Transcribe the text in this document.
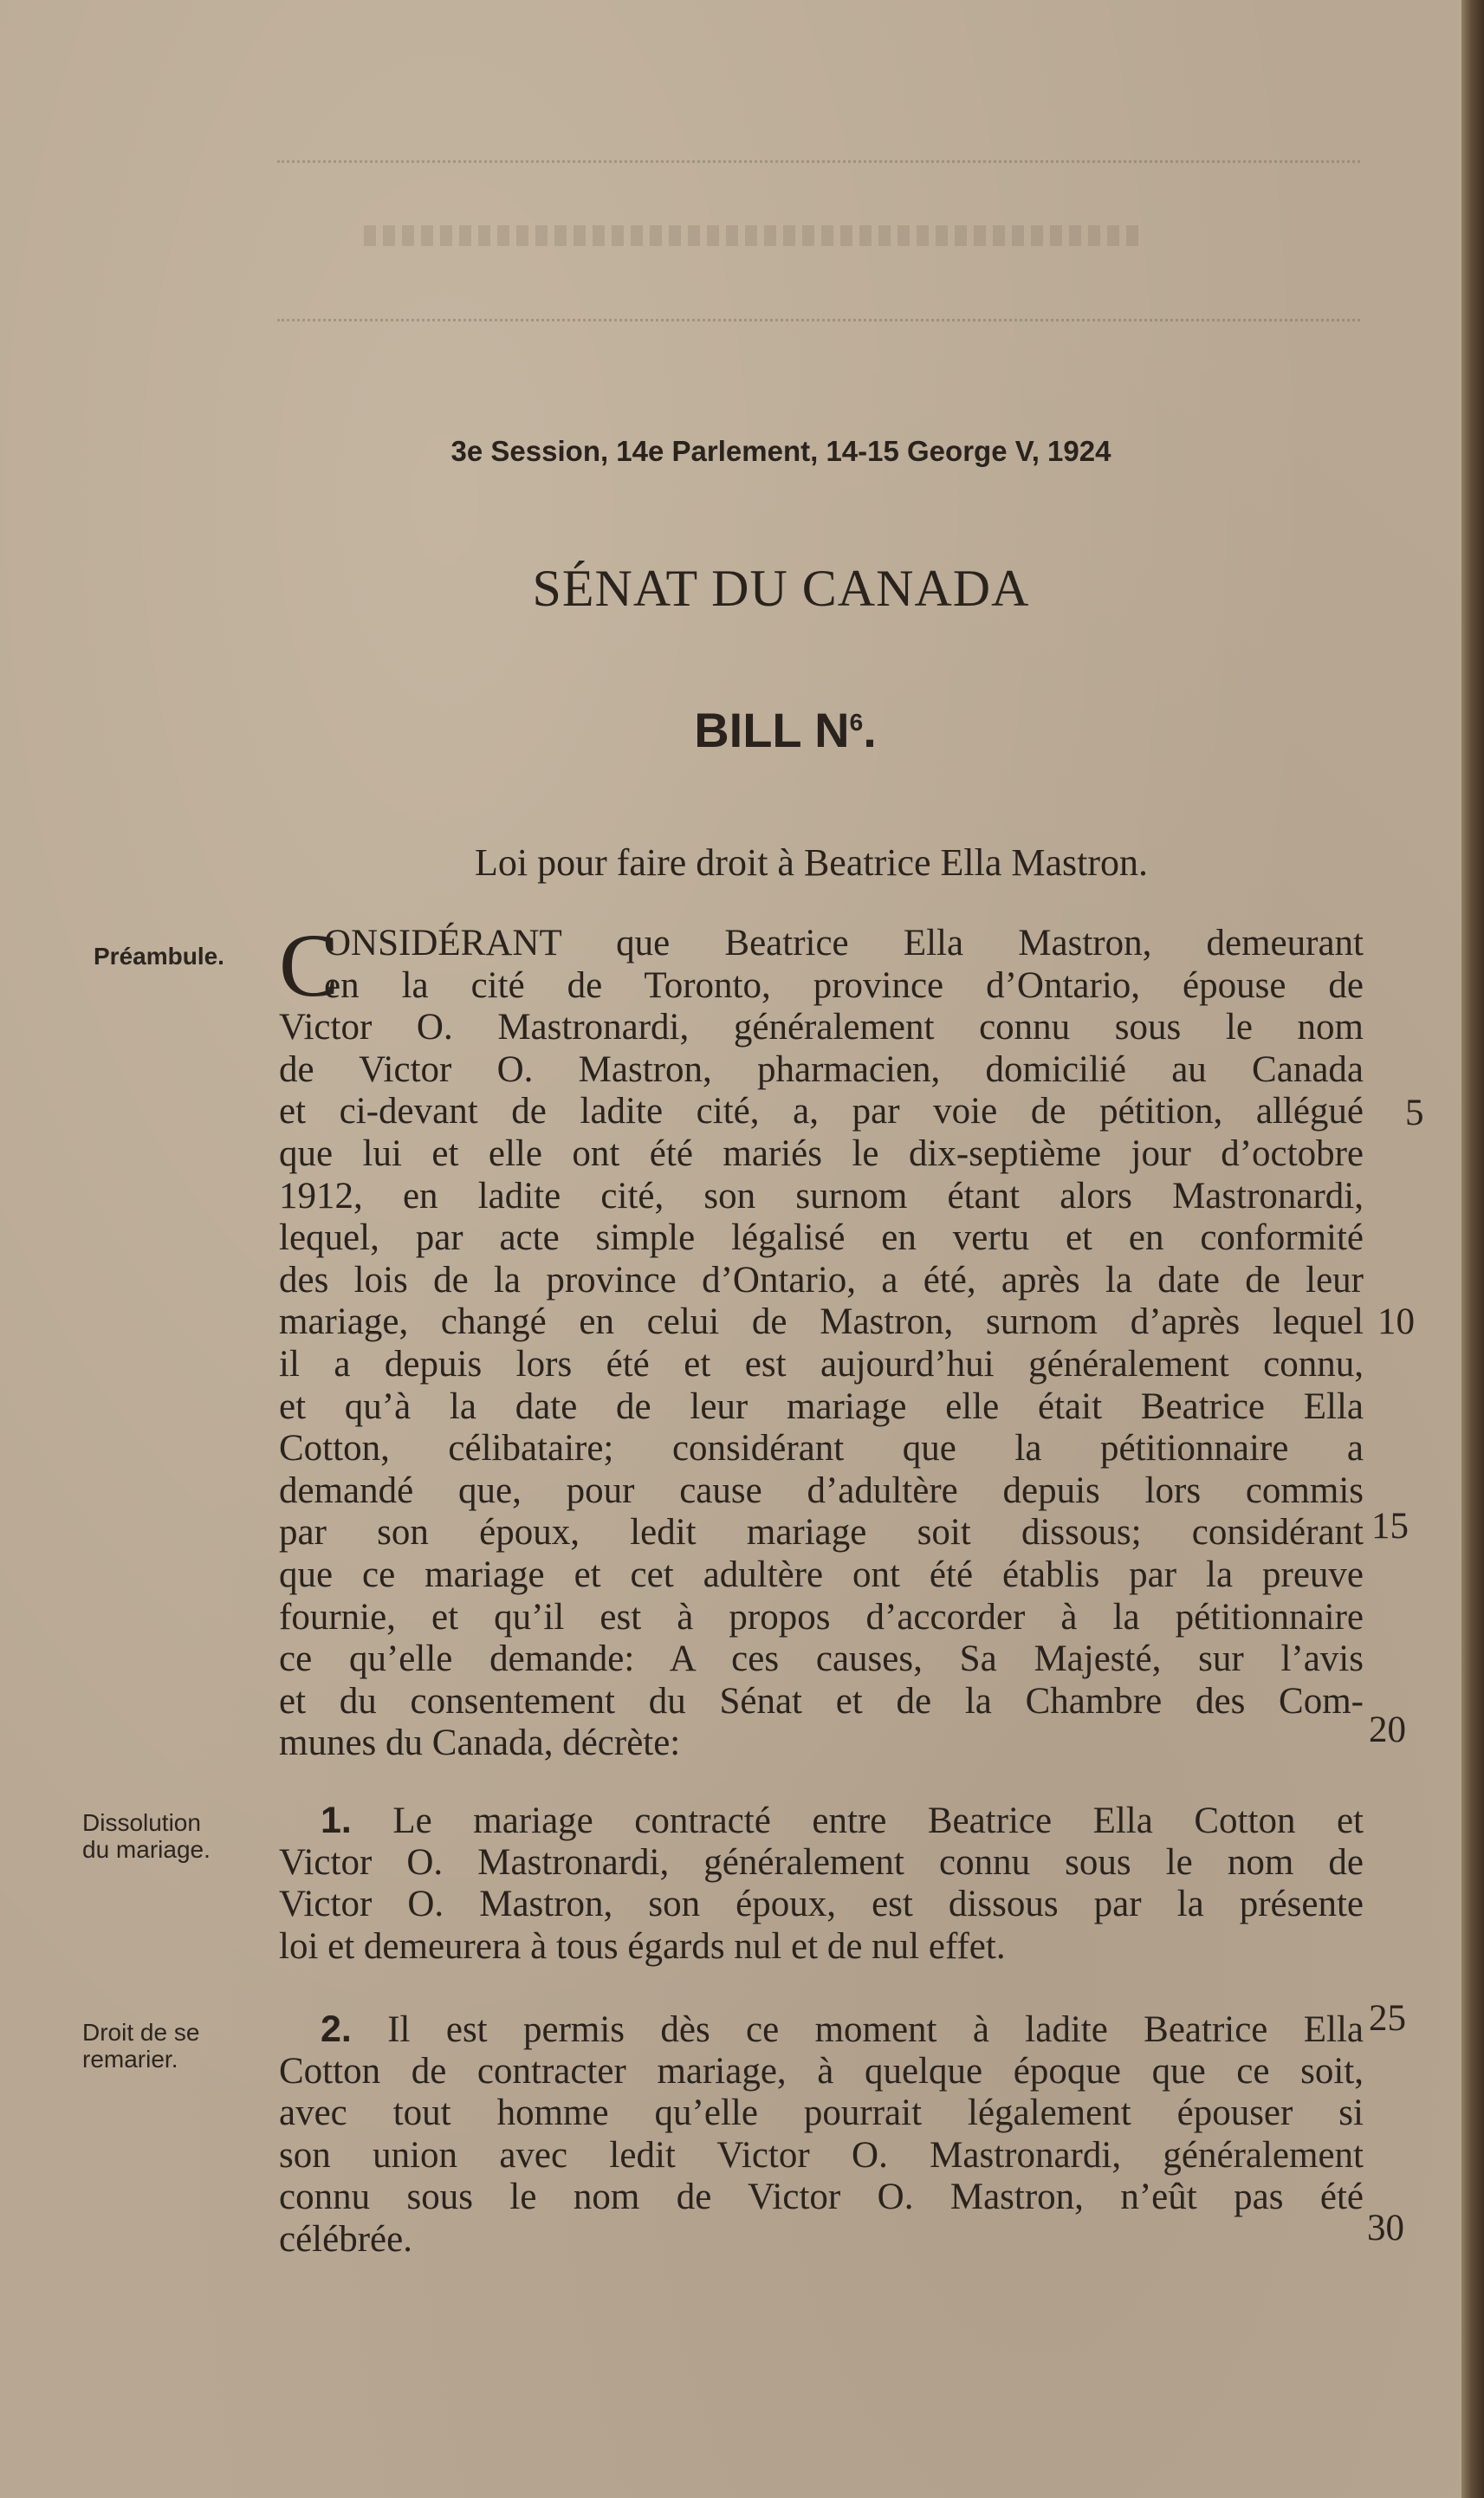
3e Session, 14e Parlement, 14-15 George V, 1924
SÉNAT DU CANADA
BILL $N^6$.
Loi pour faire droit à Beatrice Ella Mastron.
Préambule.
Dissolution
du mariage.
Droit de se
remarier.
C
ONSIDÉRANT que Beatrice Ella Mastron, demeurant
en la cité de Toronto, province d’Ontario, épouse de
Victor O. Mastronardi, généralement connu sous le nom
de Victor O. Mastron, pharmacien, domicilié au Canada
et ci-devant de ladite cité, a, par voie de pétition, allégué
que lui et elle ont été mariés le dix-septième jour d’octobre
1912, en ladite cité, son surnom étant alors Mastronardi,
lequel, par acte simple légalisé en vertu et en conformité
des lois de la province d’Ontario, a été, après la date de leur
mariage, changé en celui de Mastron, surnom d’après lequel
il a depuis lors été et est aujourd’hui généralement connu,
et qu’à la date de leur mariage elle était Beatrice Ella
Cotton, célibataire; considérant que la pétitionnaire a
demandé que, pour cause d’adultère depuis lors commis
par son époux, ledit mariage soit dissous; considérant
que ce mariage et cet adultère ont été établis par la preuve
fournie, et qu’il est à propos d’accorder à la pétitionnaire
ce qu’elle demande: A ces causes, Sa Majesté, sur l’avis
et du consentement du Sénat et de la Chambre des Com-
munes du Canada, décrète:
1. Le mariage contracté entre Beatrice Ella Cotton et
Victor O. Mastronardi, généralement connu sous le nom de
Victor O. Mastron, son époux, est dissous par la présente
loi et demeurera à tous égards nul et de nul effet.
2. Il est permis dès ce moment à ladite Beatrice Ella
Cotton de contracter mariage, à quelque époque que ce soit,
avec tout homme qu’elle pourrait légalement épouser si
son union avec ledit Victor O. Mastronardi, généralement
connu sous le nom de Victor O. Mastron, n’eût pas été
célébrée.
5
10
15
20
25
30
